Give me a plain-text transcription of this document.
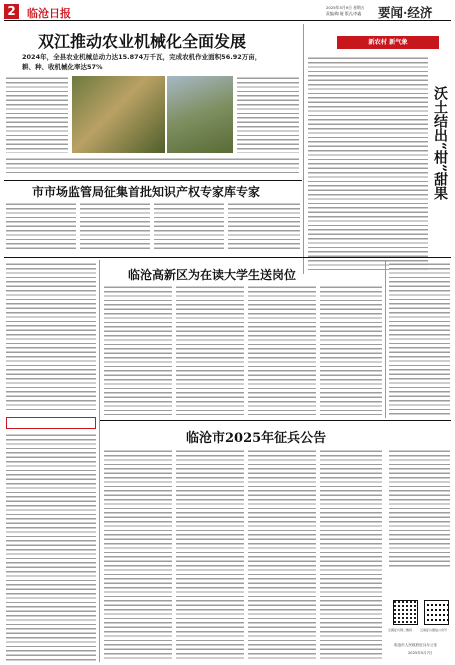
2	临沧日报	2025年5月9日 星期五
责编/陶 娅 版式/李鑫 要闻·经济
双江推动农业机械化全面发展
2024年，全县农业机械总动力达15.874万千瓦，完成农机作业面积56.92万亩，
耕、种、收机械化率达57%
新农村 新气象
沃土结出“柑”甜果
市市场监管局征集首批知识产权专家库专家
临沧高新区为在读大学生送岗位
临沧市2025年征兵公告
全国征兵网二维码	云南征兵微信公众号
临沧市人民政府征兵办公室
2025年5月7日
